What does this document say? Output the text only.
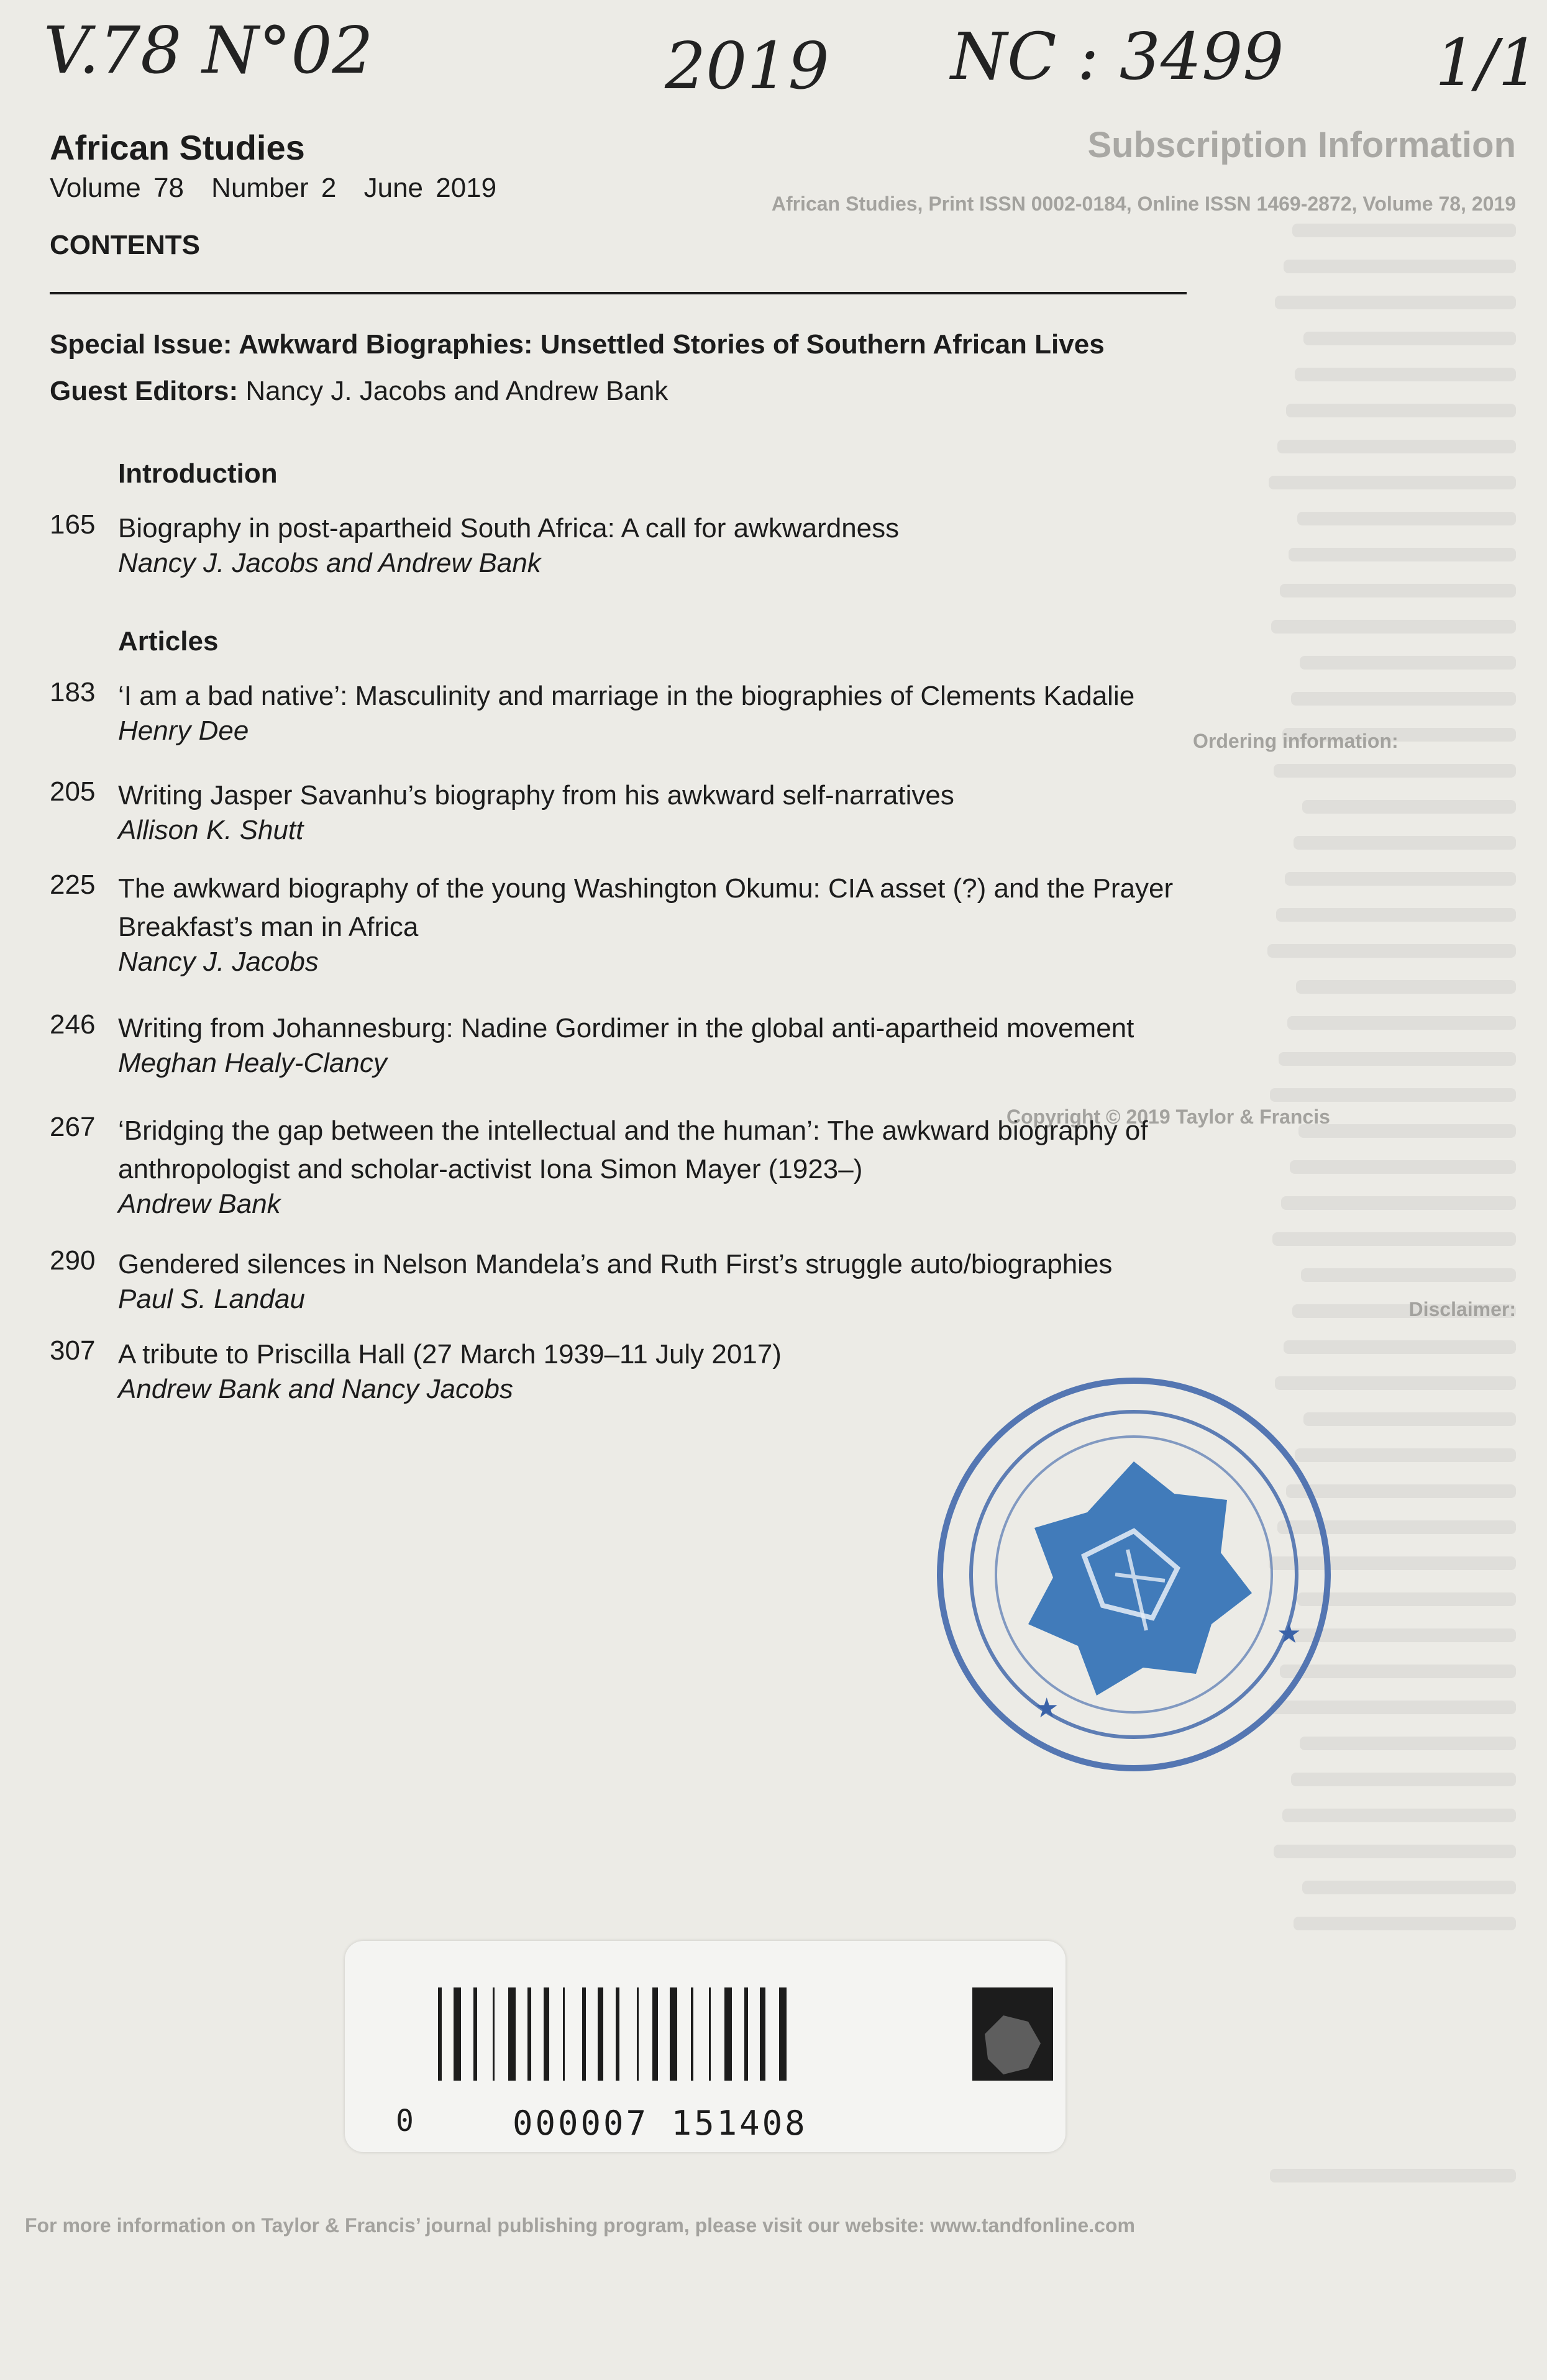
V.78 N°02	2019 NC : 3499 1/1
Subscription Information
African Studies, Print ISSN 0002-0184, Online ISSN 1469-2872, Volume 78, 2019
Ordering information:
Copyright © 2019 Taylor & Francis
Disclaimer:
For more information on Taylor & Francis’ journal publishing program, please visit our website: www.tandfonline.com
African Studies
Volume 78 Number 2 June 2019
CONTENTS
Special Issue: Awkward Biographies: Unsettled Stories of Southern African Lives
Guest Editors: Nancy J. Jacobs and Andrew Bank
Introduction
Articles
165 Biography in post-apartheid South Africa: A call for awkwardness
Nancy J. Jacobs and Andrew Bank
183 ‘I am a bad native’: Masculinity and marriage in the biographies of Clements Kadalie
Henry Dee
205 Writing Jasper Savanhu’s biography from his awkward self-narratives
Allison K. Shutt
225 The awkward biography of the young Washington Okumu: CIA asset (?) and the Prayer
Breakfast’s man in Africa
Nancy J. Jacobs
246 Writing from Johannesburg: Nadine Gordimer in the global anti-apartheid movement
Meghan Healy-Clancy
267 ‘Bridging the gap between the intellectual and the human’: The awkward biography of
anthropologist and scholar-activist Iona Simon Mayer (1923–)
Andrew Bank
290 Gendered silences in Nelson Mandela’s and Ruth First’s struggle auto/biographies
Paul S. Landau
307 A tribute to Priscilla Hall (27 March 1939–11 July 2017)
Andrew Bank and Nancy Jacobs
★
★
0	000007 151408
